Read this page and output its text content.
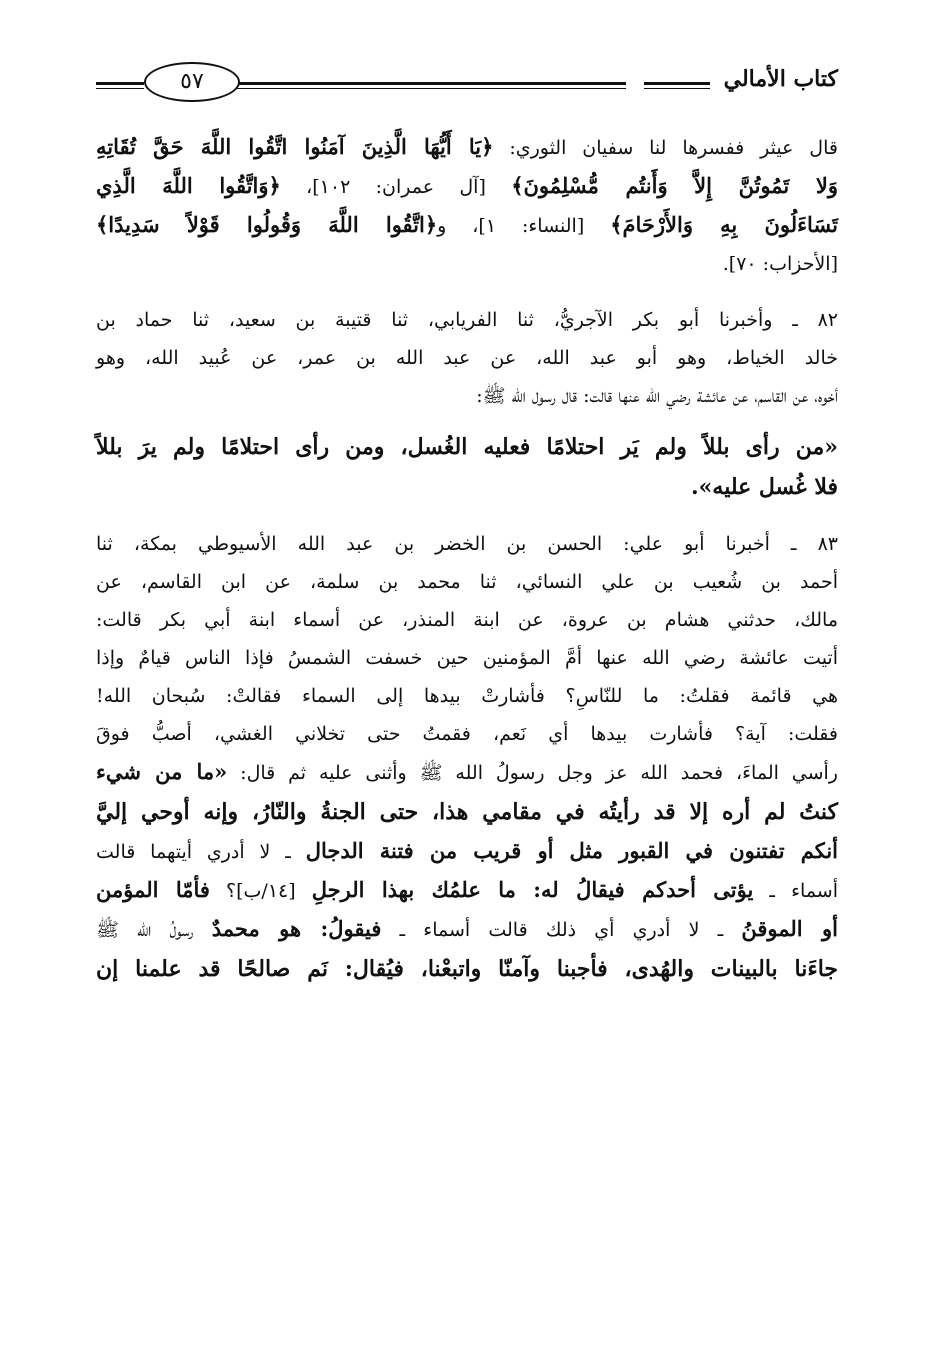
كتاب الأمالي
٥٧
قال عيثر ففسرها لنا سفيان الثوري: ﴿يَا أَيُّهَا الَّذِينَ آمَنُوا اتَّقُوا اللَّهَ حَقَّ تُقَاتِهِ
وَلا تَمُوتُنَّ إِلاَّ وَأَنتُم مُّسْلِمُونَ﴾ [آل عمران: ١٠٢]، ﴿وَاتَّقُوا اللَّهَ الَّذِي
تَسَاءَلُونَ بِهِ وَالأَرْحَامَ﴾ [النساء: ١]، و﴿اتَّقُوا اللَّهَ وَقُولُوا قَوْلاً سَدِيدًا﴾
[الأحزاب: ٧٠].
٨٢ ـ وأخبرنا أبو بكر الآجريُّ، ثنا الفريابي، ثنا قتيبة بن سعيد، ثنا حماد بن
خالد الخياط، وهو أبو عبد الله، عن عبد الله بن عمر، عن عُبيد الله، وهو
أخوه، عن القاسم، عن عائشة رضي الله عنها قالت: قال رسول الله ﷺ:
«من رأى بللاً ولم يَر احتلامًا فعليه الغُسل، ومن رأى احتلامًا ولم يرَ بللاً
فلا غُسل عليه».
٨٣ ـ أخبرنا أبو علي: الحسن بن الخضر بن عبد الله الأسيوطي بمكة، ثنا
أحمد بن شُعيب بن علي النسائي، ثنا محمد بن سلمة، عن ابن القاسم، عن
مالك، حدثني هشام بن عروة، عن ابنة المنذر، عن أسماء ابنة أبي بكر قالت:
أتيت عائشة رضي الله عنها أمَّ المؤمنين حين خسفت الشمسُ فإذا الناس قيامٌ وإذا
هي قائمة فقلتُ: ما للنّاسِ؟ فأشارتْ بيدها إلى السماء فقالتْ: سُبحان الله!
فقلت: آية؟ فأشارت بيدها أي نَعم، فقمتُ حتى تخلاني الغشي، أصبُّ فوقَ
رأسي الماءَ، فحمد الله عز وجل رسولُ الله ﷺ وأثنى عليه ثم قال: «ما من شيء
كنتُ لم أره إلا قد رأيتُه في مقامي هذا، حتى الجنةُ والنّارُ، وإنه أوحي إليَّ
أنكم تفتنون في القبور مثل أو قريب من فتنة الدجال ـ لا أدري أيتهما قالت
أسماء ـ يؤتى أحدكم فيقالُ له: ما علمُك بهذا الرجلِ [١٤/ب]؟ فأمّا المؤمن
أو الموقنُ ـ لا أدري أي ذلك قالت أسماء ـ فيقولُ: هو محمدٌ رسولُ الله ﷺ
جاءَنا بالبينات والهُدى، فأجبنا وآمنّا واتبعْنا، فيُقال: نَم صالحًا قد علمنا إن
